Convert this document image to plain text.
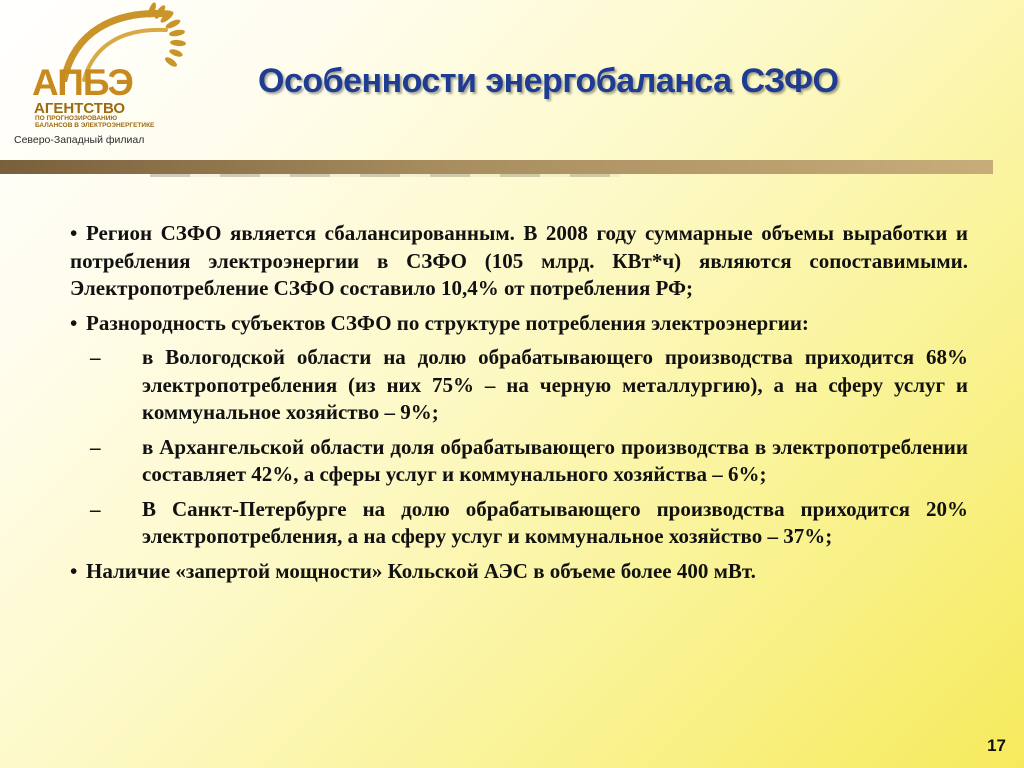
АПБЭ
АГЕНТСТВО
ПО ПРОГНОЗИРОВАНИЮ
БАЛАНСОВ В ЭЛЕКТРОЭНЕРГЕТИКЕ
Северо-Западный филиал
Особенности энергобаланса СЗФО
• Регион СЗФО является сбалансированным. В 2008 году суммарные объемы выработки и потребления электроэнергии в СЗФО (105 млрд. КВт*ч) являются сопоставимыми. Электропотребление СЗФО составило 10,4% от потребления РФ;
• Разнородность субъектов СЗФО по структуре потребления электроэнергии:
– в Вологодской области на долю обрабатывающего производства приходится 68% электропотребления (из них 75% – на черную металлургию), а на сферу услуг и коммунальное хозяйство – 9%;
– в Архангельской области доля обрабатывающего производства в электропотреблении составляет 42%, а сферы услуг и коммунального хозяйства – 6%;
– В Санкт-Петербурге на долю обрабатывающего производства приходится 20% электропотребления, а на сферу услуг и коммунальное хозяйство – 37%;
• Наличие «запертой мощности» Кольской АЭС в объеме более 400 мВт.
17
